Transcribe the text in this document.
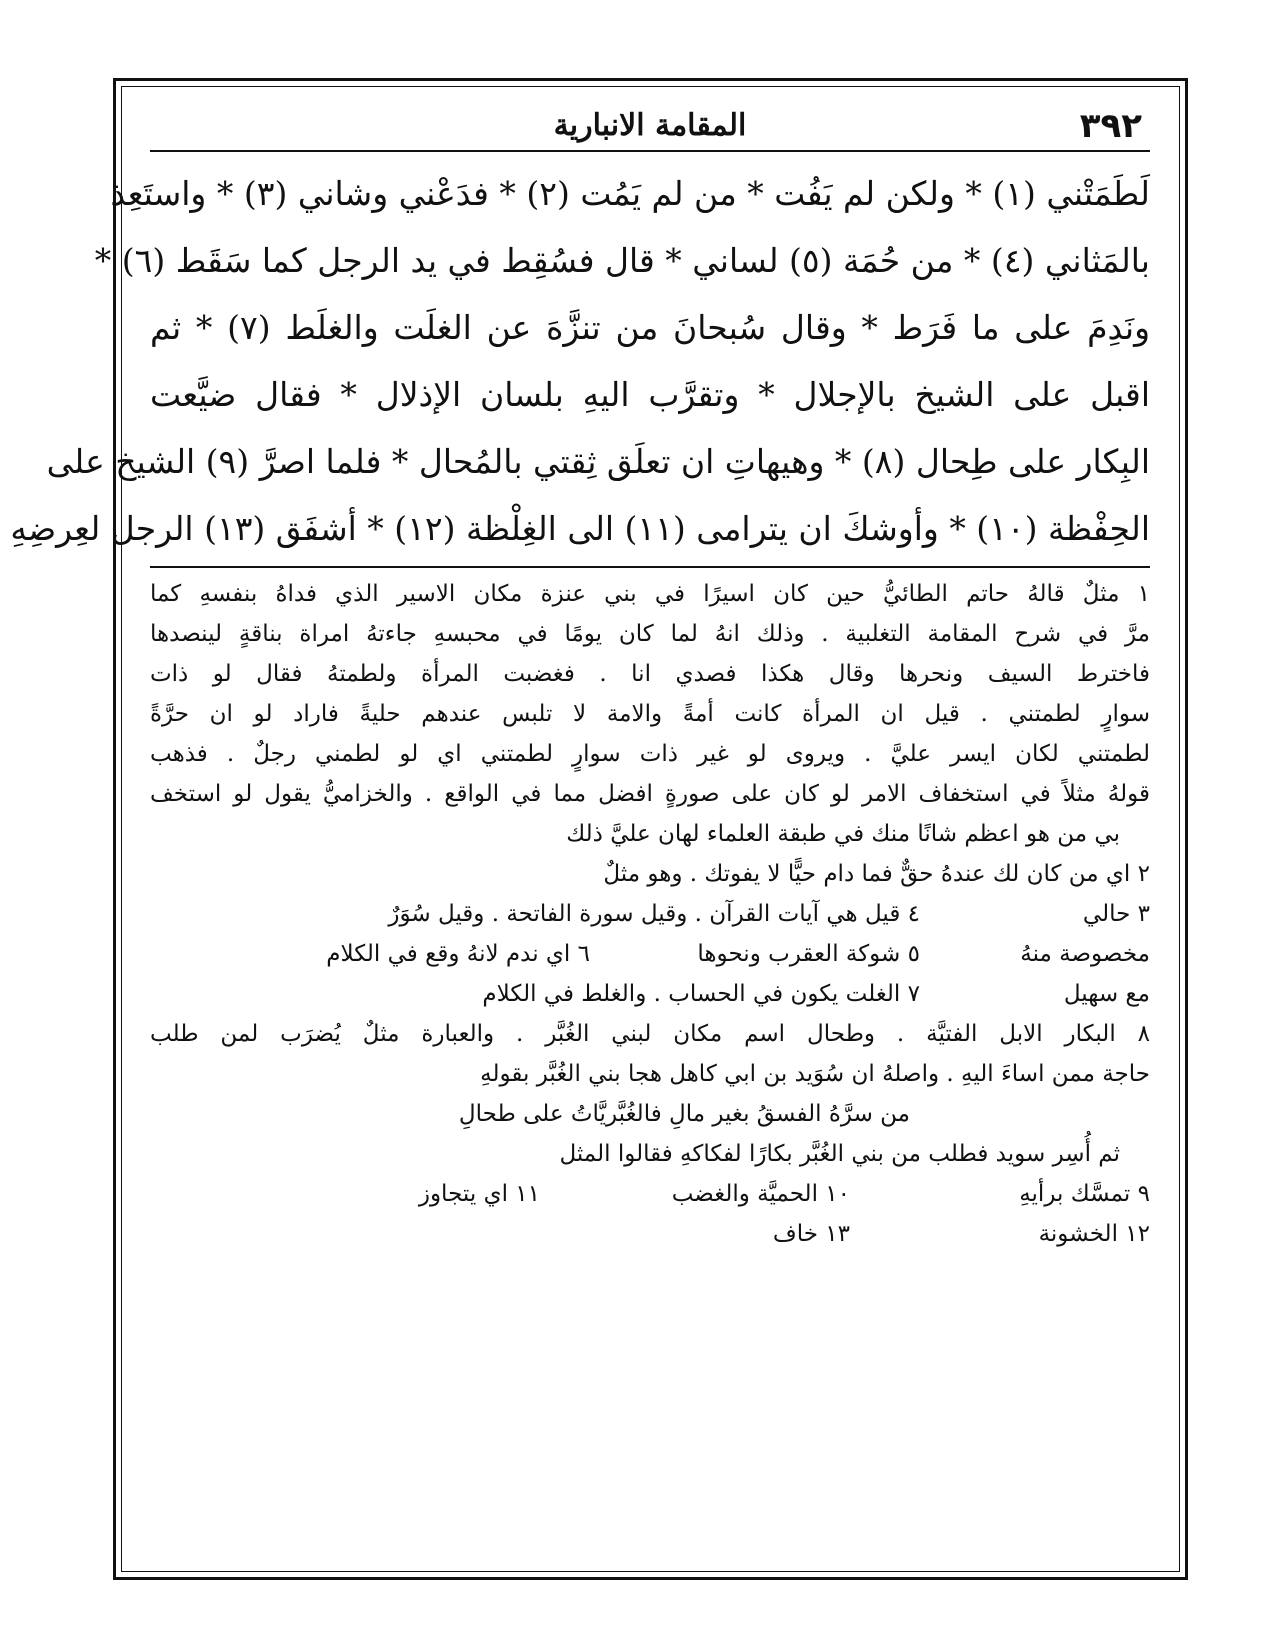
٣٩٢
المقامة الانبارية
لَطَمَتْني (١) * ولكن لم يَفُت * من لم يَمُت (٢) * فدَعْني وشاني (٣) * واستَعِذ
بالمَثاني (٤) * من حُمَة (٥) لساني * قال فسُقِط في يد الرجل كما سَقَط (٦) *
ونَدِمَ على ما فَرَط * وقال سُبحانَ من تنزَّهَ عن الغلَت والغلَط (٧) * ثم
اقبل على الشيخ بالإجلال * وتقرَّب اليهِ بلسان الإذلال * فقال ضيَّعت
البِكار على طِحال (٨) * وهيهاتِ ان تعلَق ثِقتي بالمُحال * فلما اصرَّ (٩) الشيخ على
الحِفْظة (١٠) * وأوشكَ ان يترامى (١١) الى الغِلْظة (١٢) * أشفَق (١٣) الرجل لعِرضِهِ
١ مثلٌ قالهُ حاتم الطائيُّ حين كان اسيرًا في بني عنزة مكان الاسير الذي فداهُ بنفسهِ كما
مرَّ في شرح المقامة التغلبية . وذلك انهُ لما كان يومًا في محبسهِ جاءتهُ امراة بناقةٍ لينصدها
فاخترط السيف ونحرها وقال هكذا فصدي انا . فغضبت المرأة ولطمتهُ فقال لو ذات
سوارٍ لطمتني . قيل ان المرأة كانت أمةً والامة لا تلبس عندهم حليةً فاراد لو ان حرَّةً
لطمتني لكان ايسر عليَّ . ويروى لو غير ذات سوارٍ لطمتني اي لو لطمني رجلٌ . فذهب
قولهُ مثلاً في استخفاف الامر لو كان على صورةٍ افضل مما في الواقع . والخزاميُّ يقول لو استخف
بي من هو اعظم شانًا منك في طبقة العلماء لهان عليَّ ذلك
٢ اي من كان لك عندهُ حقٌّ فما دام حيًّا لا يفوتك . وهو مثلٌ
٣ حالي
٤ قيل هي آيات القرآن . وقيل سورة الفاتحة . وقيل سُوَرٌ
مخصوصة منهُ
٥ شوكة العقرب ونحوها
٦ اي ندم لانهُ وقع في الكلام
مع سهيل
٧ الغلت يكون في الحساب . والغلط في الكلام
٨ البكار الابل الفتيَّة . وطحال اسم مكان لبني الغُبَّر . والعبارة مثلٌ يُضرَب لمن طلب
حاجة ممن اساءَ اليهِ . واصلهُ ان سُوَيد بن ابي كاهل هجا بني الغُبَّر بقولهِ
من سرَّهُ الفسقُ بغير مالِ فالغُبَّريَّاتُ على طحالِ
ثم أُسِر سويد فطلب من بني الغُبَّر بكارًا لفكاكهِ فقالوا المثل
٩ تمسَّك برأيهِ
١٠ الحميَّة والغضب
١١ اي يتجاوز
١٢ الخشونة
١٣ خاف
